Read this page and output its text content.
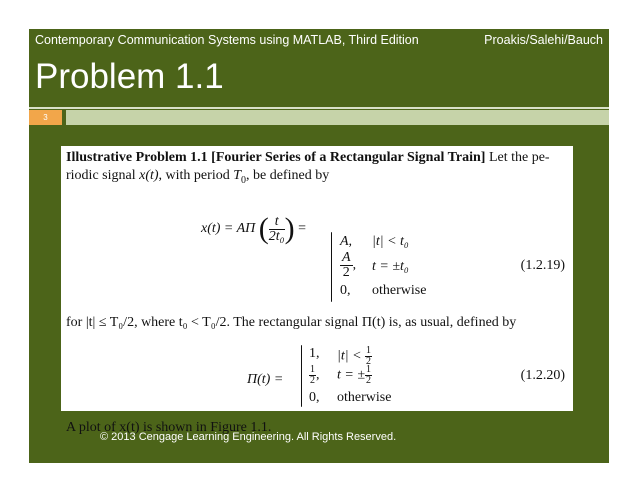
Contemporary Communication Systems using MATLAB, Third Edition	Proakis/Salehi/Bauch
Problem 1.1
3
Illustrative Problem 1.1 [Fourier Series of a Rectangular Signal Train] Let the pe-
riodic signal x(t), with period $T_0$, be defined by
x(t) = AΠ ( $\frac{t}{\text{2t₀}}$ ) =
A, |t| < t₀
$\frac{A}{2}$ , t = ±t₀
0, otherwise
(1.2.19)
for |t| ≤ T₀/2, where t₀ < T₀/2. The rectangular signal Π(t) is, as usual, defined by
Π(t) =
1, $|t| < \frac{1}{2}$
$\frac{1}{2}$ , t = ± $\frac{1}{2}$
0, otherwise
(1.2.20)
A plot of x(t) is shown in Figure 1.1.
© 2013 Cengage Learning Engineering. All Rights Reserved.
